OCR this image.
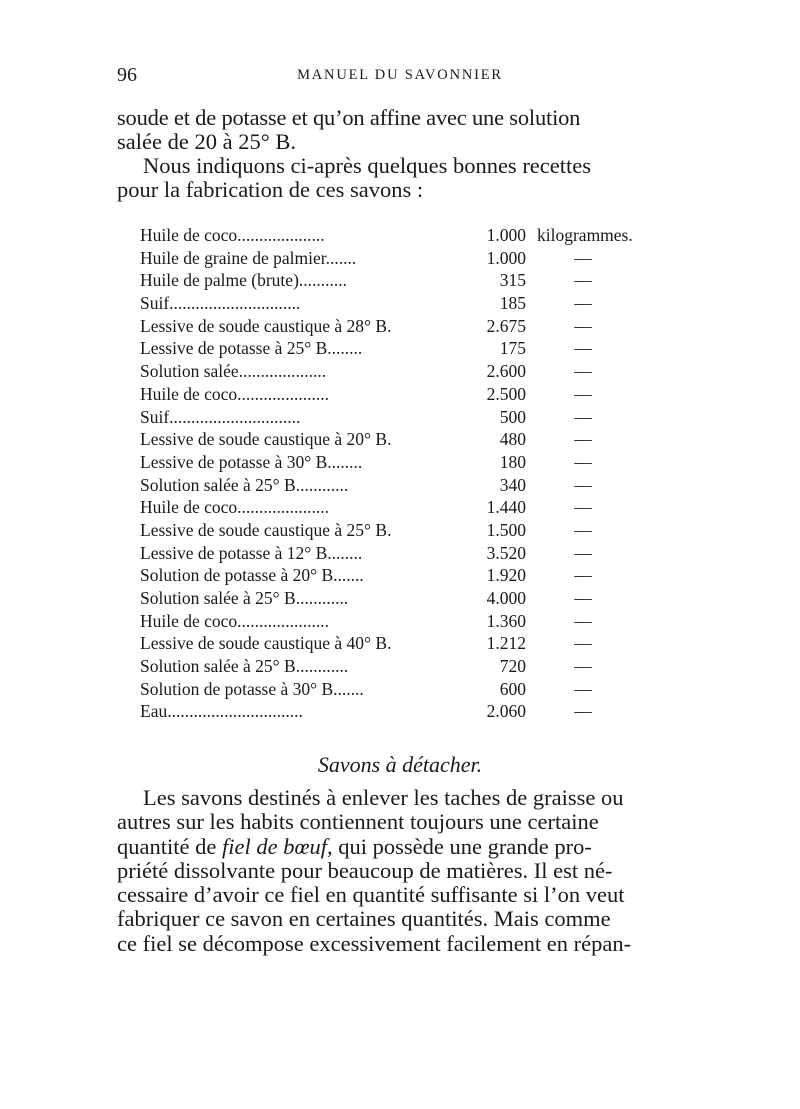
96	MANUEL DU SAVONNIER

soude et de potasse et qu’on affine avec une solution

salée de 20 à 25° B.

Nous indiquons ci-après quelques bonnes recettes

pour la fabrication de ces savons :

Huile de coco....................	1.000 kilogrammes.
Huile de graine de palmier.......	1.000	—
Huile de palme (brute)...........	315	—
Suif..............................	185	—
Lessive de soude caustique à 28° B.	2.675	—
Lessive de potasse à 25° B........	175	—
Solution salée....................	2.600	—
Huile de coco.....................	2.500	—
Suif..............................	500	—
Lessive de soude caustique à 20° B.	480	—
Lessive de potasse à 30° B........	180	—
Solution salée à 25° B............	340	—
Huile de coco.....................	1.440	—
Lessive de soude caustique à 25° B.	1.500	—
Lessive de potasse à 12° B........	3.520	—
Solution de potasse à 20° B.......	1.920	—
Solution salée à 25° B............	4.000	—
Huile de coco.....................	1.360	—
Lessive de soude caustique à 40° B.	1.212	—
Solution salée à 25° B............	720	—
Solution de potasse à 30° B.......	600	—
Eau...............................	2.060	—
Savons à détacher.

Les savons destinés à enlever les taches de graisse ou

autres sur les habits contiennent toujours une certaine

quantité de fiel de bœuf, qui possède une grande pro-

priété dissolvante pour beaucoup de matières. Il est né-

cessaire d’avoir ce fiel en quantité suffisante si l’on veut

fabriquer ce savon en certaines quantités. Mais comme

ce fiel se décompose excessivement facilement en répan-
